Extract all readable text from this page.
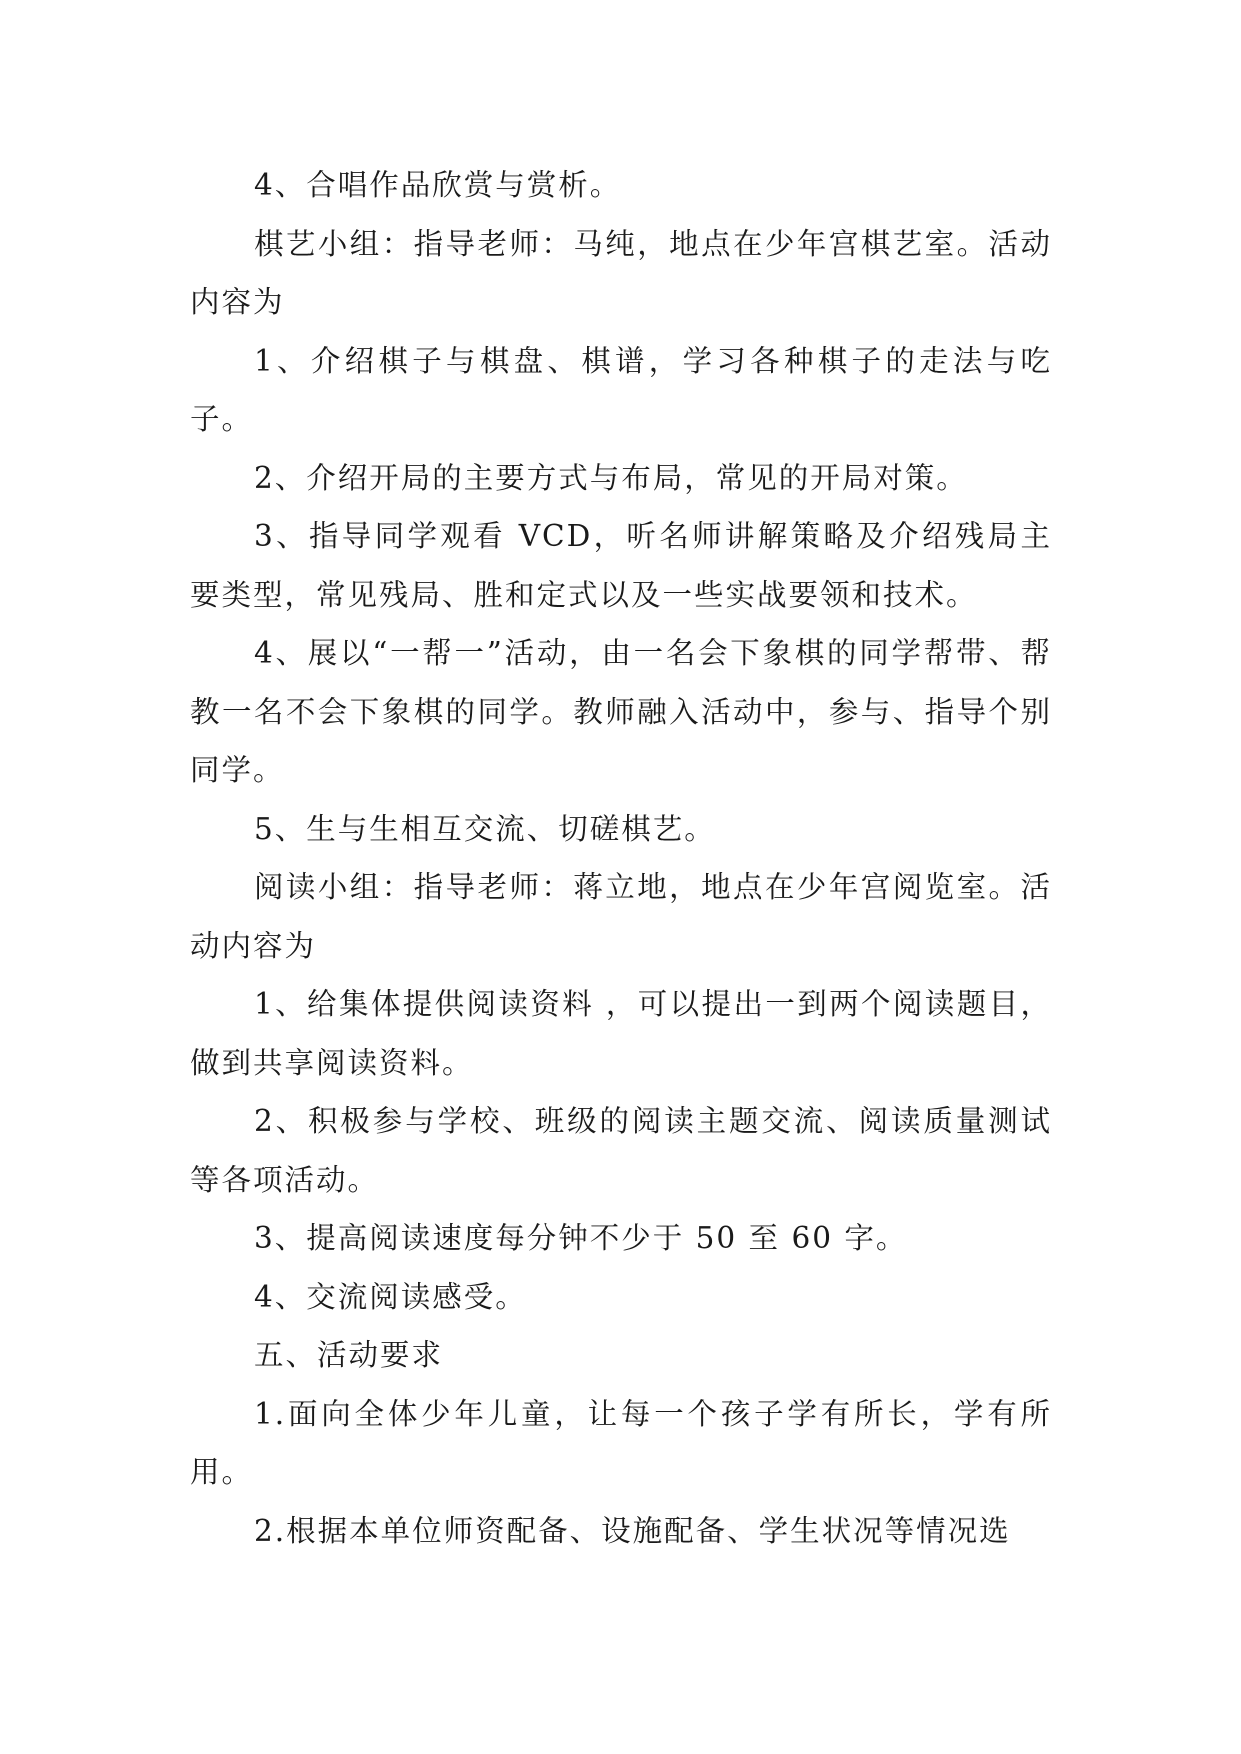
4、合唱作品欣赏与赏析。

棋艺小组：指导老师：马纯，地点在少年宫棋艺室。活动内容为

1、介绍棋子与棋盘、棋谱，学习各种棋子的走法与吃子。

2、介绍开局的主要方式与布局，常见的开局对策。

3、指导同学观看 VCD，听名师讲解策略及介绍残局主要类型，常见残局、胜和定式以及一些实战要领和技术。

4、展以“一帮一”活动，由一名会下象棋的同学帮带、帮教一名不会下象棋的同学。教师融入活动中，参与、指导个别同学。

5、生与生相互交流、切磋棋艺。

阅读小组：指导老师：蒋立地，地点在少年宫阅览室。活动内容为

1、给集体提供阅读资料 ，可以提出一到两个阅读题目，做到共享阅读资料。

2、积极参与学校、班级的阅读主题交流、阅读质量测试等各项活动。

3、提高阅读速度每分钟不少于 50 至 60 字。

4、交流阅读感受。

五、活动要求

1.面向全体少年儿童，让每一个孩子学有所长，学有所用。

2.根据本单位师资配备、设施配备、学生状况等情况选
